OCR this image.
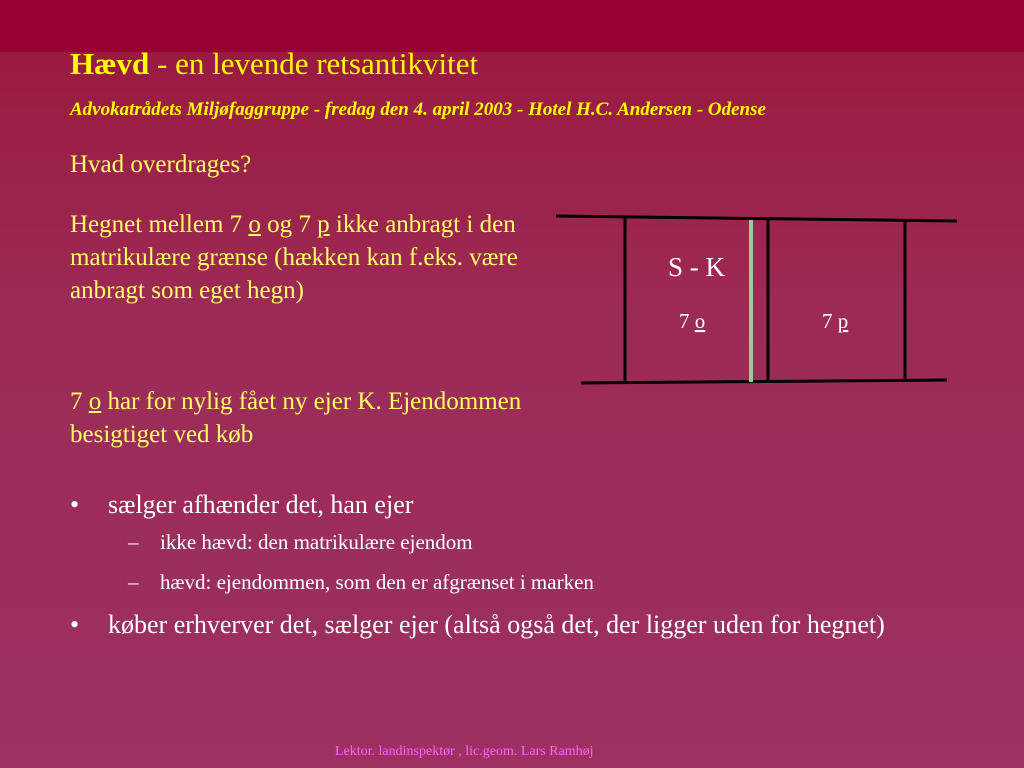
Hævd - en levende retsantikvitet
Advokatrådets Miljøfaggruppe - fredag den 4. april 2003 - Hotel H.C. Andersen - Odense
Hvad overdrages?
Hegnet mellem 7 o og 7 p ikke anbragt i den matrikulære grænse (hækken kan f.eks. være anbragt som eget hegn)
7 o har for nylig fået ny ejer K. Ejendommen besigtiget ved køb
• sælger afhænder det, han ejer
– ikke hævd: den matrikulære ejendom
– hævd: ejendommen, som den er afgrænset i marken
• køber erhverver det, sælger ejer (altså også det, der ligger uden for hegnet)
S - K
7 o	7 p
Lektor. landinspektør , lic.geom. Lars Ramhøj
